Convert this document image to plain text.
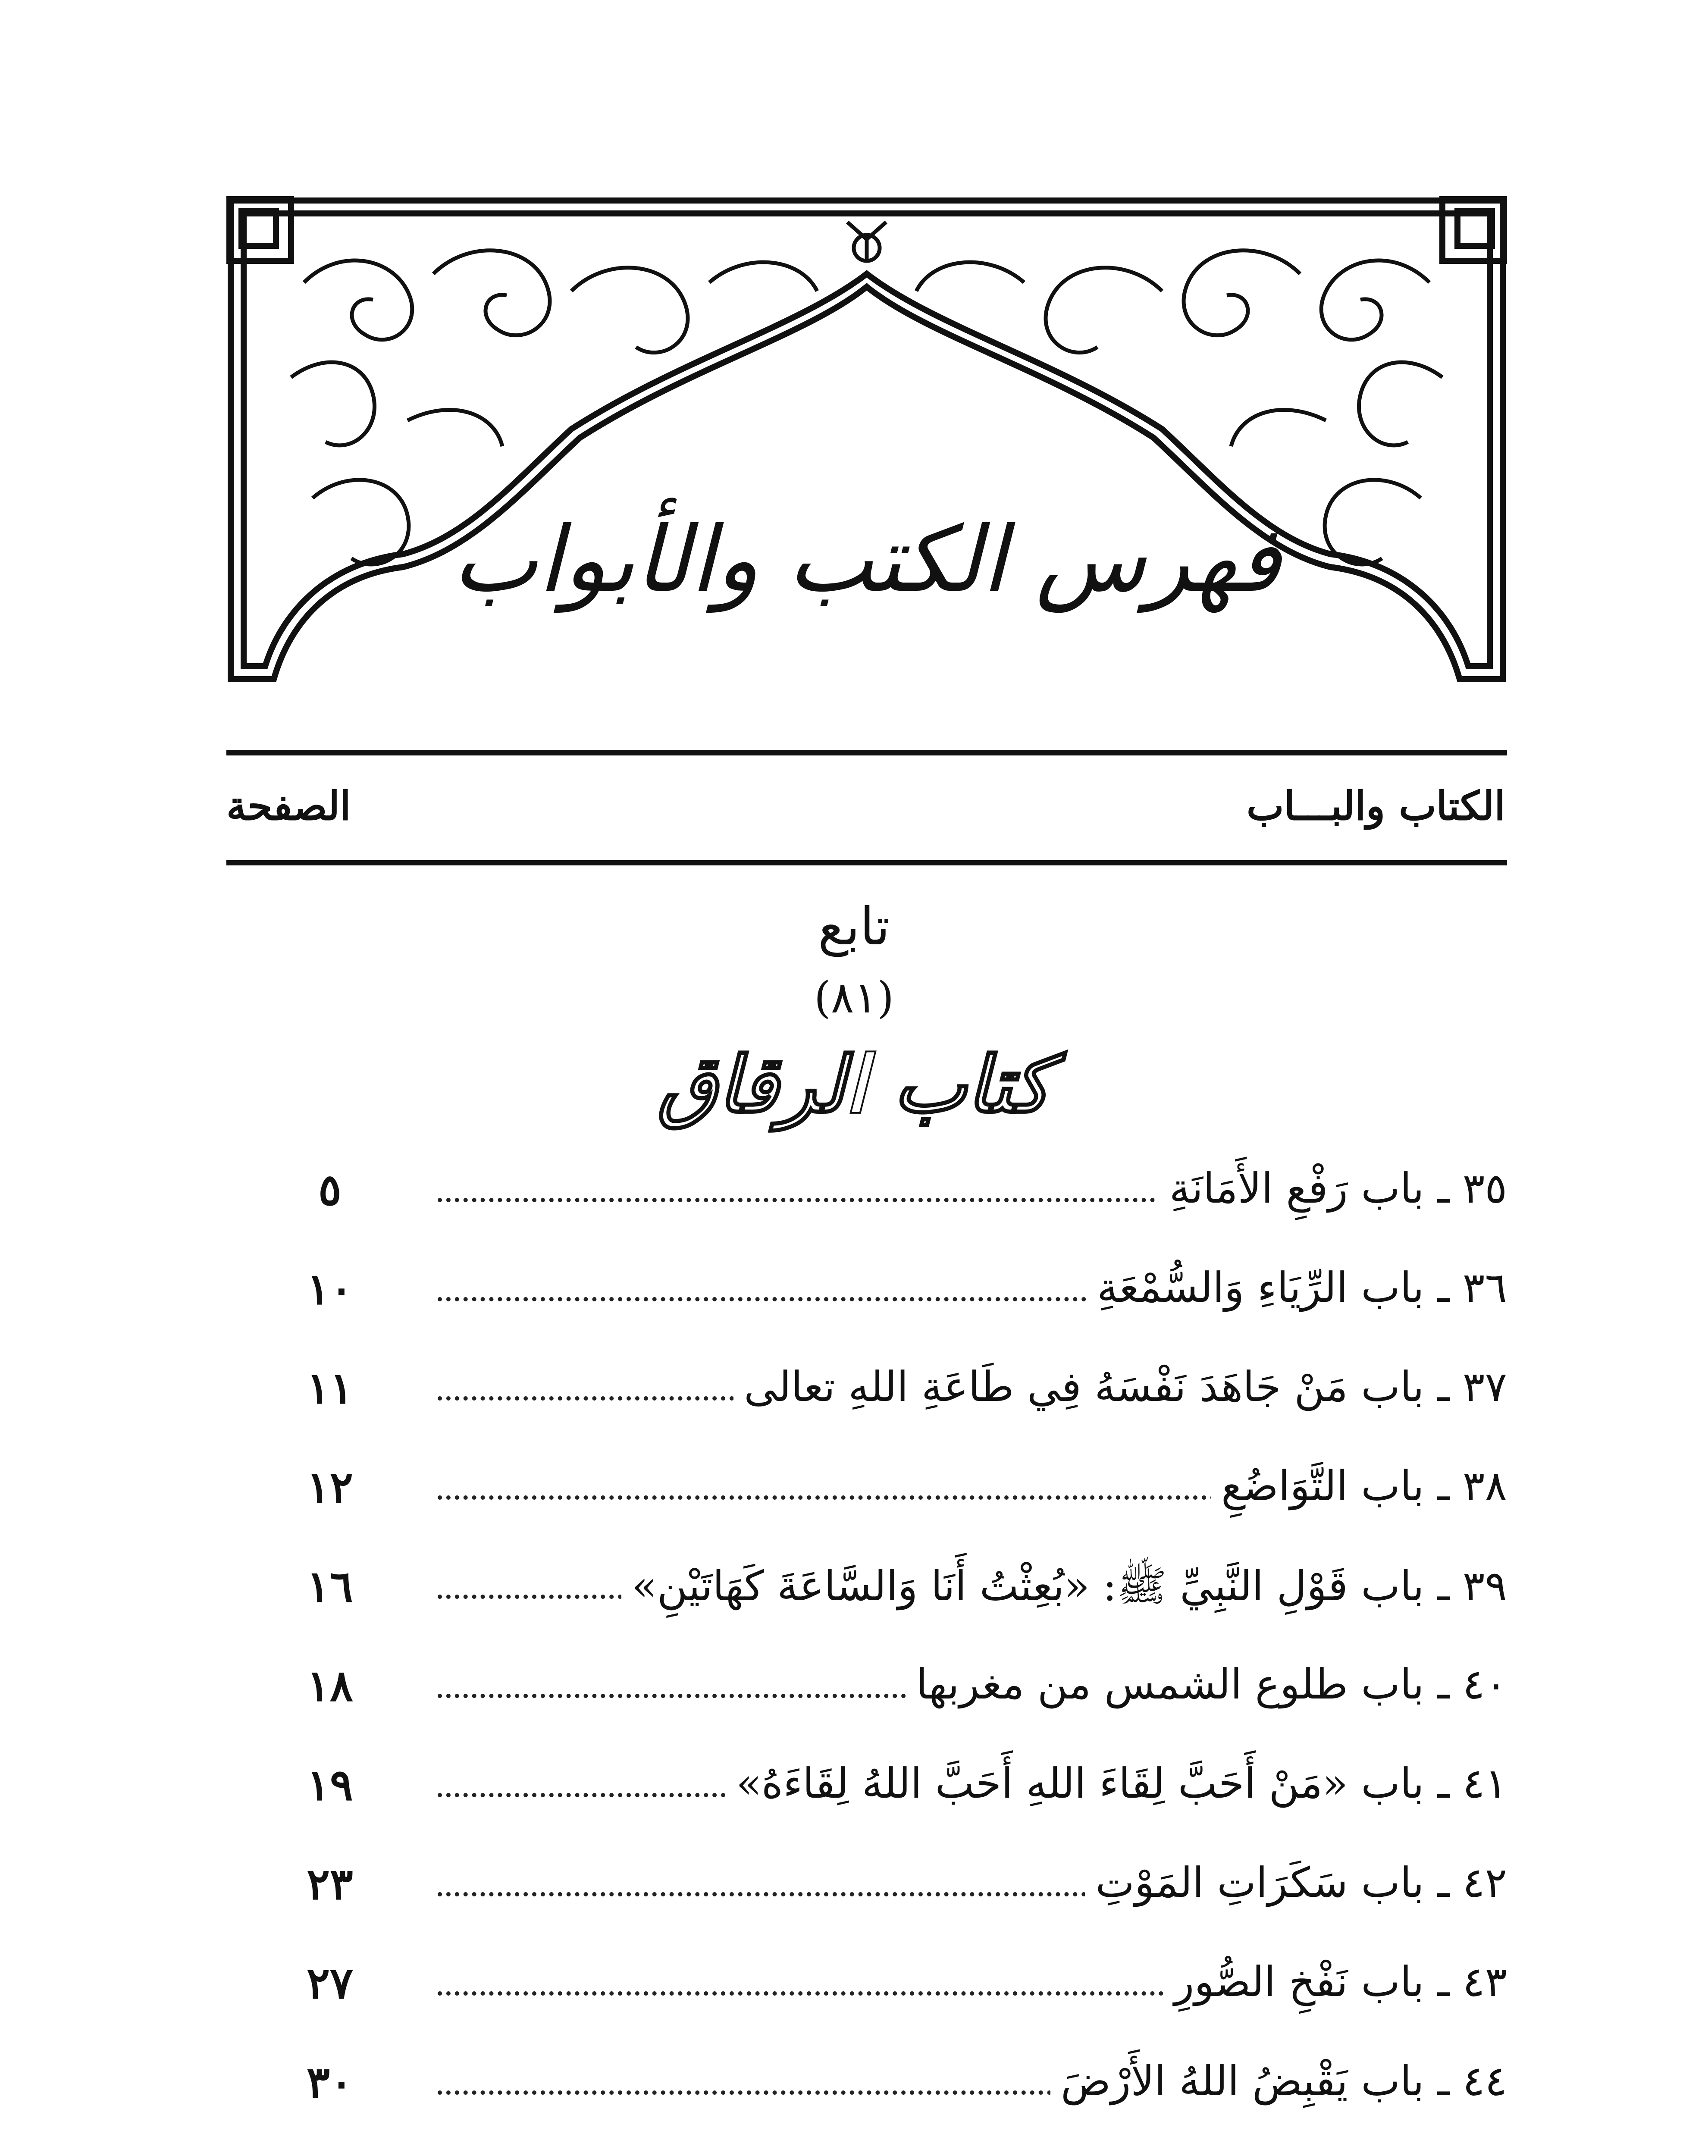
فهرس الكتب والأبواب
الكتاب والبـــاب
الصفحة
تابع
(٨١)
كتاب الرقاق
٣٥ ـ باب رَفْعِ الأَمَانَةِ
٥
٣٦ ـ باب الرِّيَاءِ وَالسُّمْعَةِ
١٠
٣٧ ـ باب مَنْ جَاهَدَ نَفْسَهُ فِي طَاعَةِ اللهِ تعالى
١١
٣٨ ـ باب التَّوَاضُعِ
١٢
٣٩ ـ باب قَوْلِ النَّبِيِّ ﷺ: «بُعِثْتُ أَنَا وَالسَّاعَةَ كَهَاتَيْنِ»
١٦
٤٠ ـ باب طلوع الشمس من مغربها
١٨
٤١ ـ باب «مَنْ أَحَبَّ لِقَاءَ اللهِ أَحَبَّ اللهُ لِقَاءَهُ»
١٩
٤٢ ـ باب سَكَرَاتِ المَوْتِ
٢٣
٤٣ ـ باب نَفْخِ الصُّورِ
٢٧
٤٤ ـ باب يَقْبِضُ اللهُ الأَرْضَ
٣٠
